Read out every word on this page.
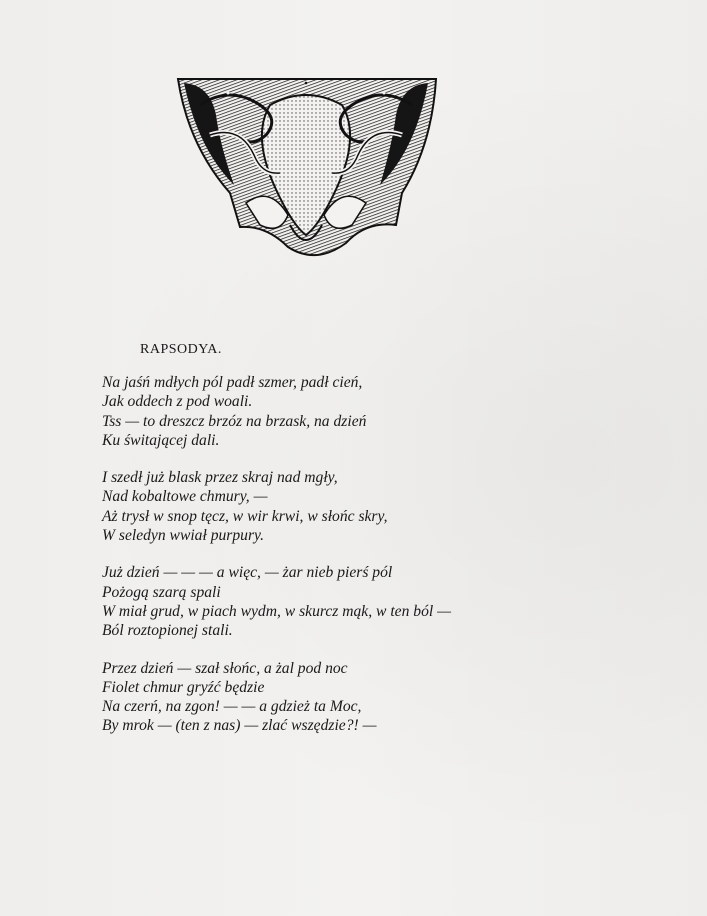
RAPSODYA.
Na jaśń mdłych pól padł szmer, padł cień,
Jak oddech z pod woali.
Tss — to dreszcz brzóz na brzask, na dzień
Ku świtającej dali.
I szedł już blask przez skraj nad mgły,
Nad kobaltowe chmury, —
Aż trysł w snop tęcz, w wir krwi, w słońc skry,
W seledyn wwiał purpury.
Już dzień — — — a więc, — żar nieb pierś pól
Pożogą szarą spali
W miał grud, w piach wydm, w skurcz mąk, w ten ból —
Ból roztopionej stali.
Przez dzień — szał słońc, a żal pod noc
Fiolet chmur gryźć będzie
Na czerń, na zgon! — — a gdzież ta Moc,
By mrok — (ten z nas) — zlać wszędzie?! —
